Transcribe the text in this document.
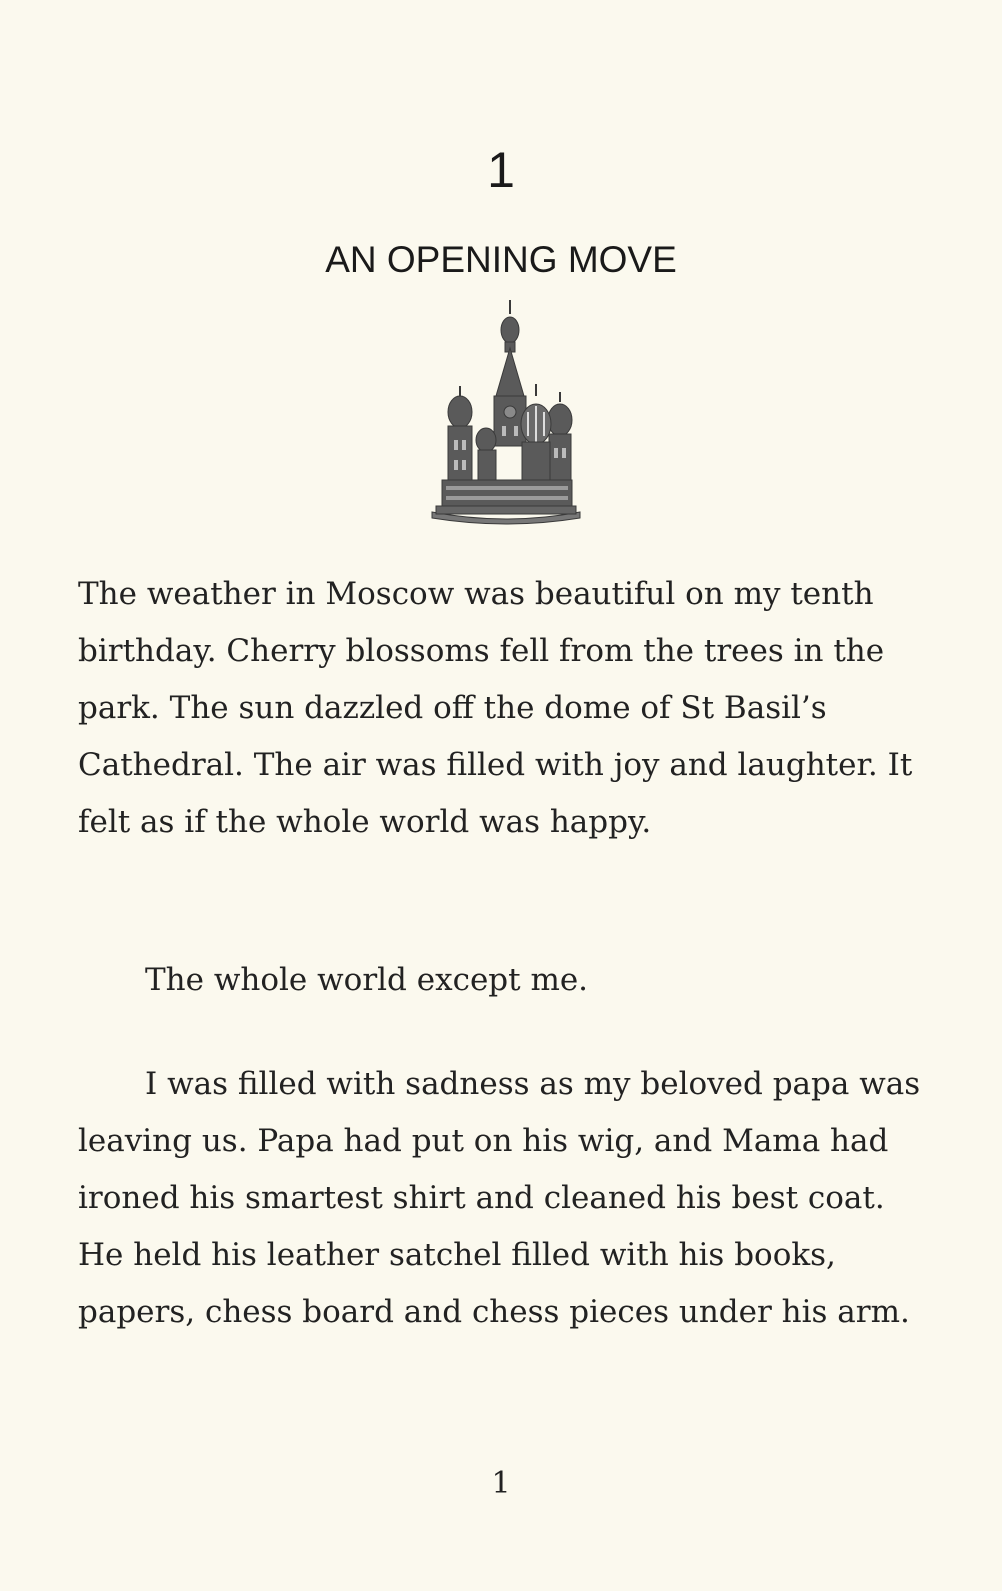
1
AN OPENING MOVE

The weather in Moscow was beautiful on my tenth birthday. Cherry blossoms fell from the trees in the park. The sun dazzled off the dome of St Basil’s Cathedral. The air was filled with joy and laughter. It felt as if the whole world was happy.

The whole world except me.

I was filled with sadness as my beloved papa was leaving us. Papa had put on his wig, and Mama had ironed his smartest shirt and cleaned his best coat. He held his leather satchel filled with his books, papers, chess board and chess pieces under his arm.

1
